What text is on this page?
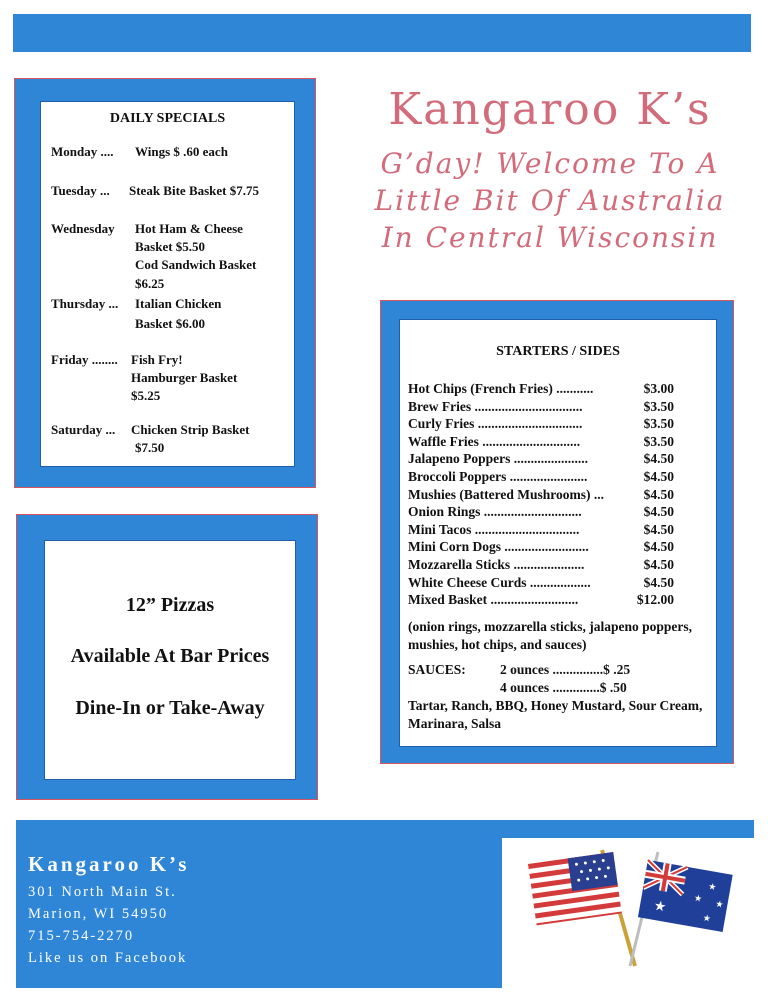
Kangaroo K’s
G’day! Welcome To A
Little Bit Of Australia
In Central Wisconsin
DAILY SPECIALS
Monday .... Wings $ .60 each
Tuesday ... Steak Bite Basket $7.75
Wednesday Hot Ham & Cheese
Basket $5.50
Cod Sandwich Basket
$6.25
Thursday ... Italian Chicken
Basket $6.00
Friday ........ Fish Fry!
Hamburger Basket
$5.25
Saturday ... Chicken Strip Basket
$7.50
12” Pizzas
Available At Bar Prices
Dine-In or Take-Away
STARTERS / SIDES
Hot Chips (French Fries) ...........	$3.00
Brew Fries ................................	$3.50
Curly Fries ...............................	$3.50
Waffle Fries .............................	$3.50
Jalapeno Poppers ......................	$4.50
Broccoli Poppers .......................	$4.50
Mushies (Battered Mushrooms) ...	$4.50
Onion Rings .............................	$4.50
Mini Tacos ...............................	$4.50
Mini Corn Dogs .........................	$4.50
Mozzarella Sticks .....................	$4.50
White Cheese Curds ..................	$4.50
Mixed Basket ..........................	$12.00
(onion rings, mozzarella sticks, jalapeno poppers, mushies, hot chips, and sauces)
SAUCES:	2 ounces ...............$ .25
4 ounces ..............$ .50
Tartar, Ranch, BBQ, Honey Mustard, Sour Cream, Marinara, Salsa
Kangaroo K’s
301 North Main St.
Marion, WI 54950
715-754-2270
Like us on Facebook
★
★
★
★
★
